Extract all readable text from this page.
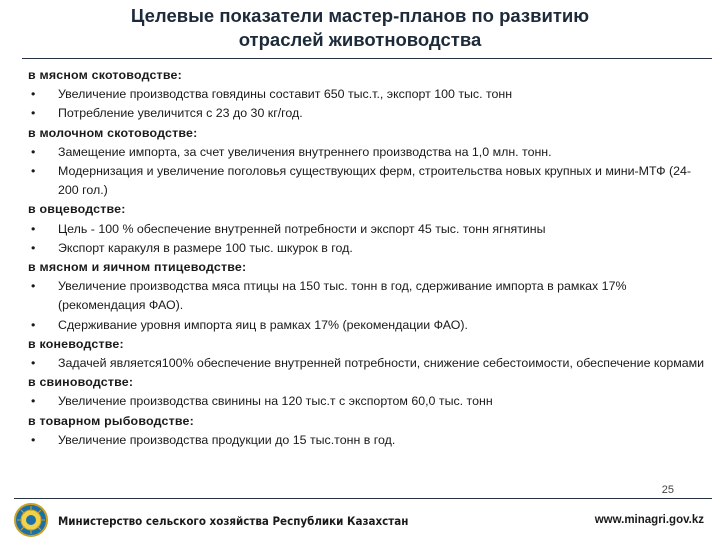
Целевые показатели мастер-планов по развитию
отраслей животноводства
в мясном скотоводстве:
• Увеличение производства говядины составит 650 тыс.т., экспорт 100 тыс. тонн
• Потребление увеличится с 23 до 30 кг/год.
в молочном скотоводстве:
• Замещение импорта, за счет увеличения внутреннего производства на 1,0 млн. тонн.
• Модернизация и увеличение поголовья существующих ферм, строительства новых крупных и мини-МТФ (24-200 гол.)
в овцеводстве:
• Цель - 100 % обеспечение внутренней потребности и экспорт 45 тыс. тонн ягнятины
• Экспорт каракуля в размере 100 тыс. шкурок в год.
в мясном и яичном птицеводстве:
• Увеличение производства мяса птицы на 150 тыс. тонн в год, сдерживание импорта в рамках 17% (рекомендация ФАО).
• Сдерживание уровня импорта яиц в рамках 17% (рекомендации ФАО).
в коневодстве:
• Задачей является100% обеспечение внутренней потребности, снижение себестоимости, обеспечение кормами
в свиноводстве:
• Увеличение производства свинины на 120 тыс.т с экспортом 60,0 тыс. тонн
в товарном рыбоводстве:
• Увеличение производства продукции до 15 тыс.тонн в год.
25
Министерство сельского хозяйства Республики Казахстан	www.minagri.gov.kz
